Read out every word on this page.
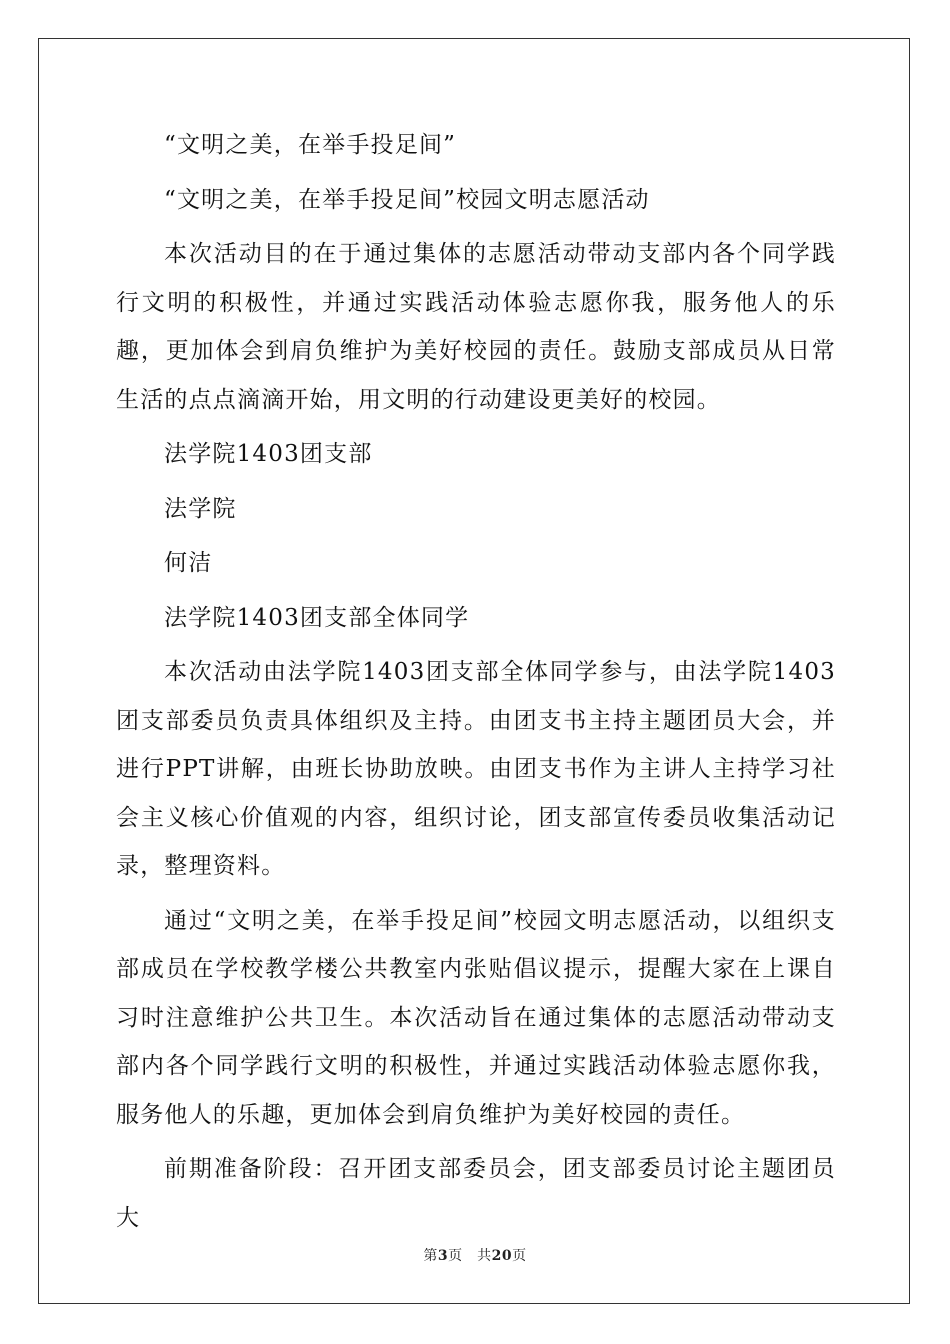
“文明之美，在举手投足间”

“文明之美，在举手投足间”校园文明志愿活动

本次活动目的在于通过集体的志愿活动带动支部内各个同学践行文明的积极性，并通过实践活动体验志愿你我，服务他人的乐趣，更加体会到肩负维护为美好校园的责任。鼓励支部成员从日常生活的点点滴滴开始，用文明的行动建设更美好的校园。

法学院1403团支部

法学院

何洁

法学院1403团支部全体同学

本次活动由法学院1403团支部全体同学参与，由法学院1403团支部委员负责具体组织及主持。由团支书主持主题团员大会，并进行PPT讲解，由班长协助放映。由团支书作为主讲人主持学习社会主义核心价值观的内容，组织讨论，团支部宣传委员收集活动记录，整理资料。

通过“文明之美，在举手投足间”校园文明志愿活动，以组织支部成员在学校教学楼公共教室内张贴倡议提示，提醒大家在上课自习时注意维护公共卫生。本次活动旨在通过集体的志愿活动带动支部内各个同学践行文明的积极性，并通过实践活动体验志愿你我，服务他人的乐趣，更加体会到肩负维护为美好校园的责任。

前期准备阶段：召开团支部委员会，团支部委员讨论主题团员大

第3页　共20页
